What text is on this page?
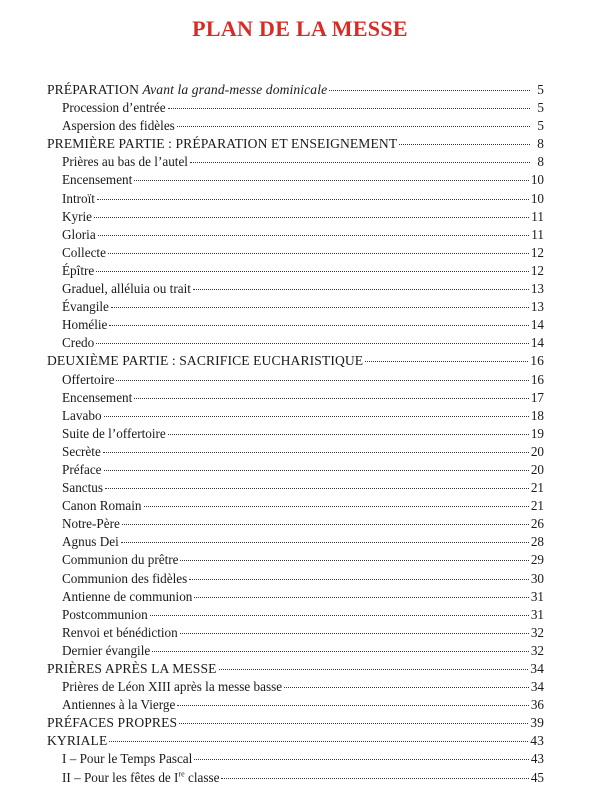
PLAN DE LA MESSE
PRÉPARATION Avant la grand-messe dominicale	5
Procession d’entrée	5
Aspersion des fidèles	5
PREMIÈRE PARTIE : PRÉPARATION ET ENSEIGNEMENT	8
Prières au bas de l’autel	8
Encensement	10
Introït	10
Kyrie	11
Gloria	11
Collecte	12
Épître	12
Graduel, alléluia ou trait	13
Évangile	13
Homélie	14
Credo	14
DEUXIÈME PARTIE : SACRIFICE EUCHARISTIQUE	16
Offertoire	16
Encensement	17
Lavabo	18
Suite de l’offertoire	19
Secrète	20
Préface	20
Sanctus	21
Canon Romain	21
Notre-Père	26
Agnus Dei	28
Communion du prêtre	29
Communion des fidèles	30
Antienne de communion	31
Postcommunion	31
Renvoi et bénédiction	32
Dernier évangile	32
PRIÈRES APRÈS LA MESSE	34
Prières de Léon XIII après la messe basse	34
Antiennes à la Vierge	36
PRÉFACES PROPRES	39
KYRIALE	43
I – Pour le Temps Pascal	43
II – Pour les fêtes de Ire classe	45
